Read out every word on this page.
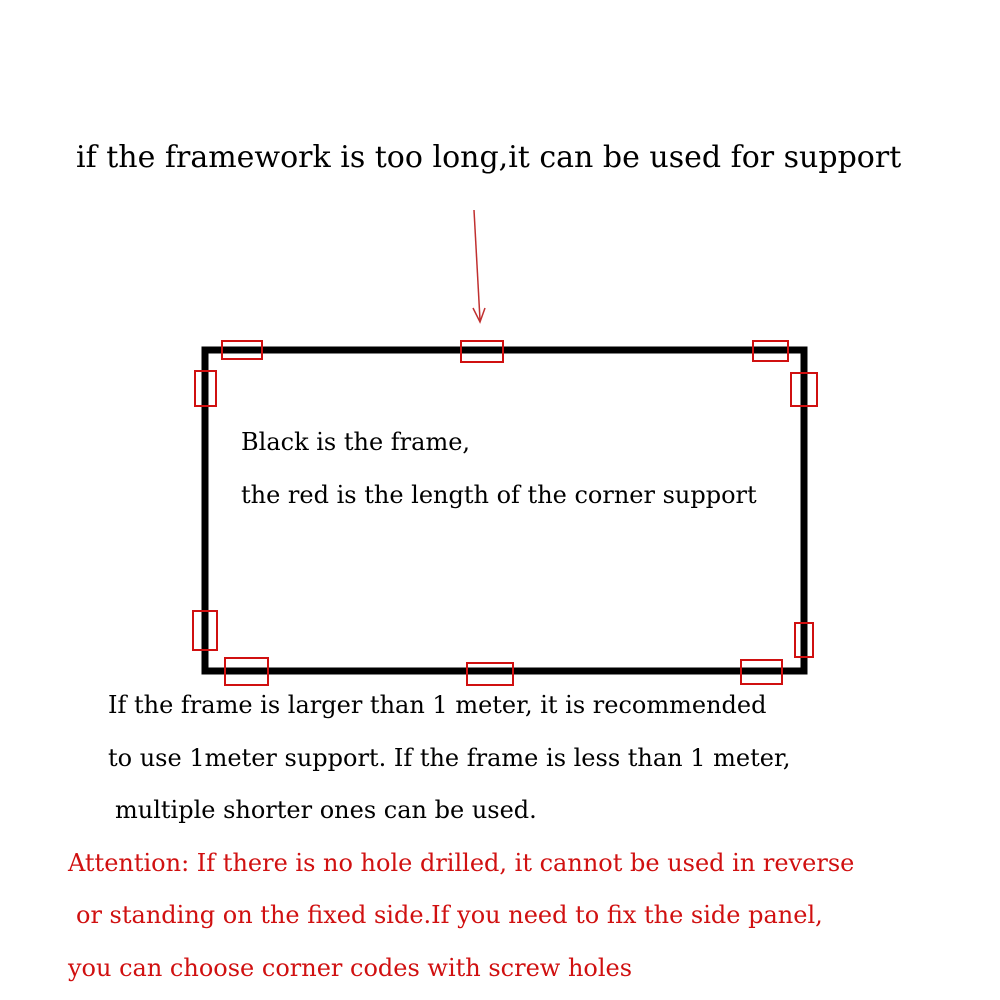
if the framework is too long,it can be used for support

Black is the frame,

the red is the length of the corner support

If the frame is larger than 1 meter, it is recommended

to use 1meter support. If the frame is less than 1 meter,

multiple shorter ones can be used.

Attention: If there is no hole drilled, it cannot be used in reverse

or standing on the fixed side.If you need to fix the side panel,

you can choose corner codes with screw holes
